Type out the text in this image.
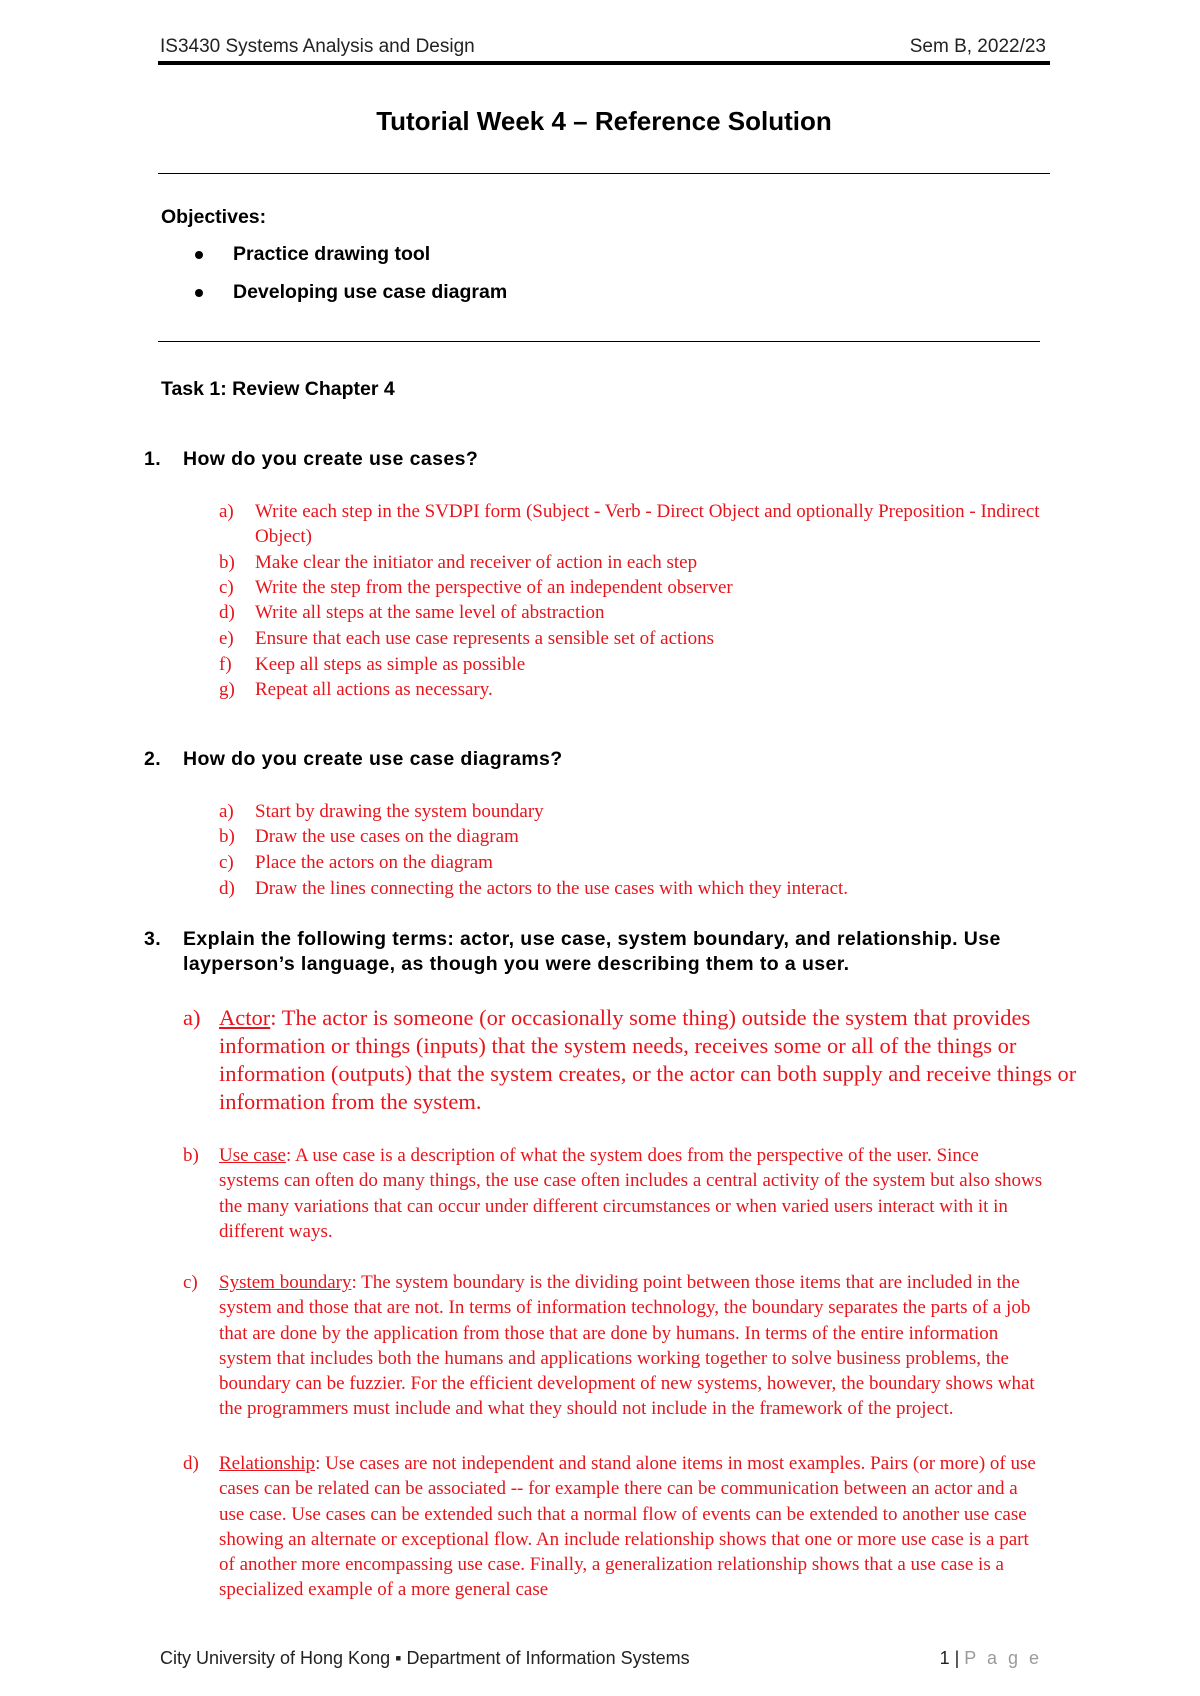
IS3430 Systems Analysis and Design	Sem B, 2022/23
Tutorial Week 4 – Reference Solution
Objectives:
Practice drawing tool
Developing use case diagram
Task 1: Review Chapter 4
1. How do you create use cases?
a)	Write each step in the SVDPI form (Subject - Verb - Direct Object and optionally Preposition - Indirect
Object)
b)	Make clear the initiator and receiver of action in each step
c)	Write the step from the perspective of an independent observer
d)	Write all steps at the same level of abstraction
e)	Ensure that each use case represents a sensible set of actions
f)	Keep all steps as simple as possible
g)	Repeat all actions as necessary.
2. How do you create use case diagrams?
a)	Start by drawing the system boundary
b)	Draw the use cases on the diagram
c)	Place the actors on the diagram
d)	Draw the lines connecting the actors to the use cases with which they interact.
3. Explain the following terms: actor, use case, system boundary, and relationship. Use
layperson’s language, as though you were describing them to a user.
a) Actor: The actor is someone (or occasionally some thing) outside the system that provides
information or things (inputs) that the system needs, receives some or all of the things or
information (outputs) that the system creates, or the actor can both supply and receive things or
information from the system.
b) Use case: A use case is a description of what the system does from the perspective of the user. Since
systems can often do many things, the use case often includes a central activity of the system but also shows
the many variations that can occur under different circumstances or when varied users interact with it in
different ways.
c) System boundary: The system boundary is the dividing point between those items that are included in the
system and those that are not. In terms of information technology, the boundary separates the parts of a job
that are done by the application from those that are done by humans. In terms of the entire information
system that includes both the humans and applications working together to solve business problems, the
boundary can be fuzzier. For the efficient development of new systems, however, the boundary shows what
the programmers must include and what they should not include in the framework of the project.
d) Relationship: Use cases are not independent and stand alone items in most examples. Pairs (or more) of use
cases can be related can be associated -- for example there can be communication between an actor and a
use case. Use cases can be extended such that a normal flow of events can be extended to another use case
showing an alternate or exceptional flow. An include relationship shows that one or more use case is a part
of another more encompassing use case. Finally, a generalization relationship shows that a use case is a
specialized example of a more general case
City University of Hong Kong ▪ Department of Information Systems	1 | P a g e
